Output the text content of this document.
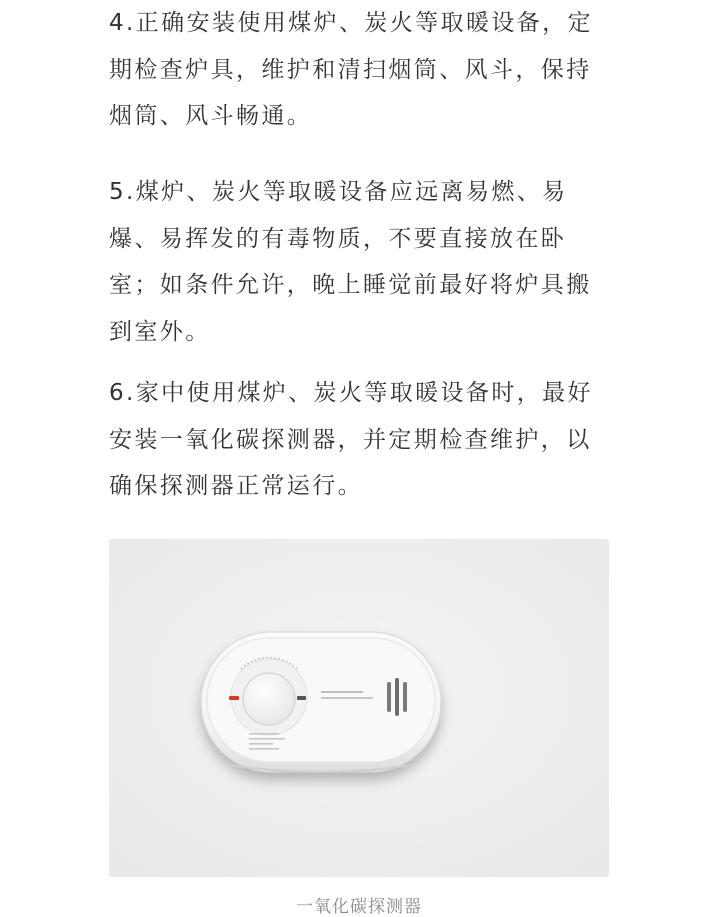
4.正确安装使用煤炉、炭火等取暖设备，定期检查炉具，维护和清扫烟筒、风斗，保持烟筒、风斗畅通。

5.煤炉、炭火等取暖设备应远离易燃、易爆、易挥发的有毒物质，不要直接放在卧室；如条件允许，晚上睡觉前最好将炉具搬到室外。

6.家中使用煤炉、炭火等取暖设备时，最好安装一氧化碳探测器，并定期检查维护，以确保探测器正常运行。

一氧化碳探测器
